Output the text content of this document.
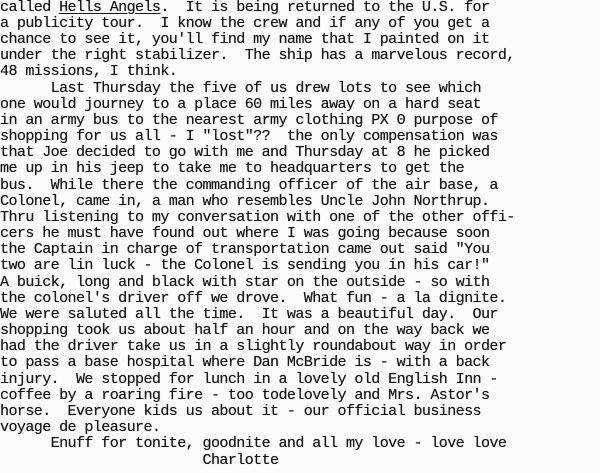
called Hells Angels.  It is being returned to the U.S. for
a publicity tour.  I know the crew and if any of you get a
chance to see it, you'll find my name that I painted on it
under the right stabilizer.  The ship has a marvelous record,
48 missions, I think.
Last Thursday the five of us drew lots to see which
one would journey to a place 60 miles away on a hard seat
in an army bus to the nearest army clothing PX Θ purpose of
shopping for us all - I "lost"??  the only compensation was
that Joe decided to go with me and Thursday at 8 he picked
me up in his jeep to take me to headquarters to get the
bus.  While there the commanding officer of the air base, a
Colonel, came in, a man who resembles Uncle John Northrup.
Thru listening to my conversation with one of the other offi-
cers he must have found out where I was going because soon
the Captain in charge of transportation came out said "You
two are lin luck - the Colonel is sending you in his car!"
A buick, long and black with star on the outside - so with
the colonel's driver off we drove.  What fun - a la dignite.
We were saluted all the time.  It was a beautiful day.  Our
shopping took us about half an hour and on the way back we
had the driver take us in a slightly roundabout way in order
to pass a base hospital where Dan McBride is - with a back
injury.  We stopped for lunch in a lovely old English Inn -
coffee by a roaring fire - too todelovely and Mrs. Astor's
horse.  Everyone kids us about it - our official business
voyage de pleasure.
Enuff for tonite, goodnite and all my love - love love
Charlotte
